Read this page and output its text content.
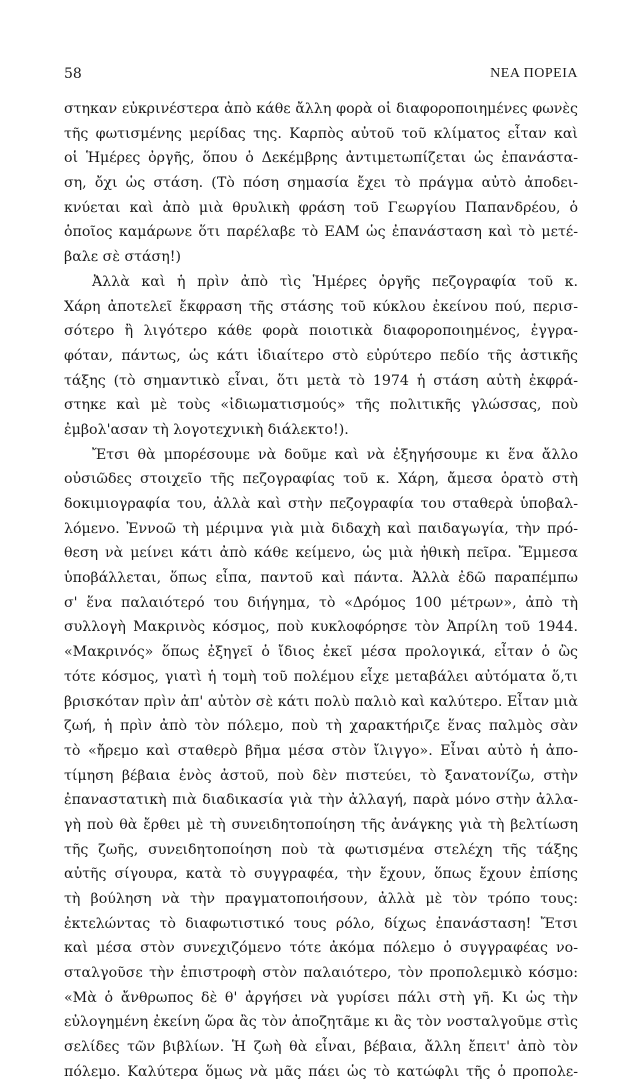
58	ΝΕΑ ΠΟΡΕΙΑ
στηκαν εὐκρινέστερα ἀπὸ κάθε ἄλλη φορὰ οἱ διαφοροποιημένες φωνὲς
τῆς φωτισμένης μερίδας της. Καρπὸς αὐτοῦ τοῦ κλίματος εἶταν καὶ
οἱ Ἡμέρες ὀργῆς, ὅπου ὁ Δεκέμβρης ἀντιμετωπίζεται ὡς ἐπανάστα-
ση, ὄχι ὡς στάση. (Τὸ πόση σημασία ἔχει τὸ πράγμα αὐτὸ ἀποδει-
κνύεται καὶ ἀπὸ μιὰ θρυλικὴ φράση τοῦ Γεωργίου Παπανδρέου, ὁ
ὁποῖος καμάρωνε ὅτι παρέλαβε τὸ ΕΑΜ ὡς ἐπανάσταση καὶ τὸ μετέ-
βαλε σὲ στάση!)
Ἀλλὰ καὶ ἡ πρὶν ἀπὸ τὶς Ἡμέρες ὀργῆς πεζογραφία τοῦ κ.
Χάρη ἀποτελεῖ ἔκφραση τῆς στάσης τοῦ κύκλου ἐκείνου πού, περισ-
σότερο ἢ λιγότερο κάθε φορὰ ποιοτικὰ διαφοροποιημένος, ἐγγρα-
φόταν, πάντως, ὡς κάτι ἰδιαίτερο στὸ εὐρύτερο πεδίο τῆς ἀστικῆς
τάξης (τὸ σημαντικὸ εἶναι, ὅτι μετὰ τὸ 1974 ἡ στάση αὐτὴ ἐκφρά-
στηκε καὶ μὲ τοὺς «ἰδιωματισμούς» τῆς πολιτικῆς γλώσσας, ποὺ
ἐμβολ'ασαν τὴ λογοτεχνικὴ διάλεκτο!).
Ἔτσι θὰ μπορέσουμε νὰ δοῦμε καὶ νὰ ἐξηγήσουμε κι ἕνα ἄλλο
οὐσιῶδες στοιχεῖο τῆς πεζογραφίας τοῦ κ. Χάρη, ἄμεσα ὁρατὸ στὴ
δοκιμιογραφία του, ἀλλὰ καὶ στὴν πεζογραφία του σταθερὰ ὑποβαλ-
λόμενο. Ἐννοῶ τὴ μέριμνα γιὰ μιὰ διδαχὴ καὶ παιδαγωγία, τὴν πρό-
θεση νὰ μείνει κάτι ἀπὸ κάθε κείμενο, ὡς μιὰ ἠθικὴ πεῖρα. Ἔμμεσα
ὑποβάλλεται, ὅπως εἶπα, παντοῦ καὶ πάντα. Ἀλλὰ ἐδῶ παραπέμπω
σ' ἕνα παλαιότερό του διήγημα, τὸ «Δρόμος 100 μέτρων», ἀπὸ τὴ
συλλογὴ Μακρινὸς κόσμος, ποὺ κυκλοφόρησε τὸν Ἀπρίλη τοῦ 1944.
«Μακρινός» ὅπως ἐξηγεῖ ὁ ἴδιος ἐκεῖ μέσα προλογικά, εἶταν ὁ ὢς
τότε κόσμος, γιατὶ ἡ τομὴ τοῦ πολέμου εἶχε μεταβάλει αὐτόματα ὅ,τι
βρισκόταν πρὶν ἀπ' αὐτὸν σὲ κάτι πολὺ παλιὸ καὶ καλύτερο. Εἶταν μιὰ
ζωή, ἡ πρὶν ἀπὸ τὸν πόλεμο, ποὺ τὴ χαρακτήριζε ἕνας παλμὸς σὰν
τὸ «ἤρεμο καὶ σταθερὸ βῆμα μέσα στὸν ἴλιγγο». Εἶναι αὐτὸ ἡ ἀπο-
τίμηση βέβαια ἑνὸς ἀστοῦ, ποὺ δὲν πιστεύει, τὸ ξανατονίζω, στὴν
ἐπαναστατικὴ πιὰ διαδικασία γιὰ τὴν ἀλλαγή, παρὰ μόνο στὴν ἀλλα-
γὴ ποὺ θὰ ἔρθει μὲ τὴ συνειδητοποίηση τῆς ἀνάγκης γιὰ τὴ βελτίωση
τῆς ζωῆς, συνειδητοποίηση ποὺ τὰ φωτισμένα στελέχη τῆς τάξης
αὐτῆς σίγουρα, κατὰ τὸ συγγραφέα, τὴν ἔχουν, ὅπως ἔχουν ἐπίσης
τὴ βούληση νὰ τὴν πραγματοποιήσουν, ἀλλὰ μὲ τὸν τρόπο τους:
ἐκτελώντας τὸ διαφωτιστικό τους ρόλο, δίχως ἐπανάσταση! Ἔτσι
καὶ μέσα στὸν συνεχιζόμενο τότε ἀκόμα πόλεμο ὁ συγγραφέας νο-
σταλγοῦσε τὴν ἐπιστροφὴ στὸν παλαιότερο, τὸν προπολεμικὸ κόσμο:
«Μὰ ὁ ἄνθρωπος δὲ θ' ἀργήσει νὰ γυρίσει πάλι στὴ γῆ. Κι ὡς τὴν
εὐλογημένη ἐκείνη ὥρα ἂς τὸν ἀποζητᾶμε κι ἂς τὸν νοσταλγοῦμε στὶς
σελίδες τῶν βιβλίων. Ἡ ζωὴ θὰ εἶναι, βέβαια, ἄλλη ἔπειτ' ἀπὸ τὸν
πόλεμο. Καλύτερα ὅμως νὰ μᾶς πάει ὡς τὸ κατώφλι τῆς ὁ προπολε-
